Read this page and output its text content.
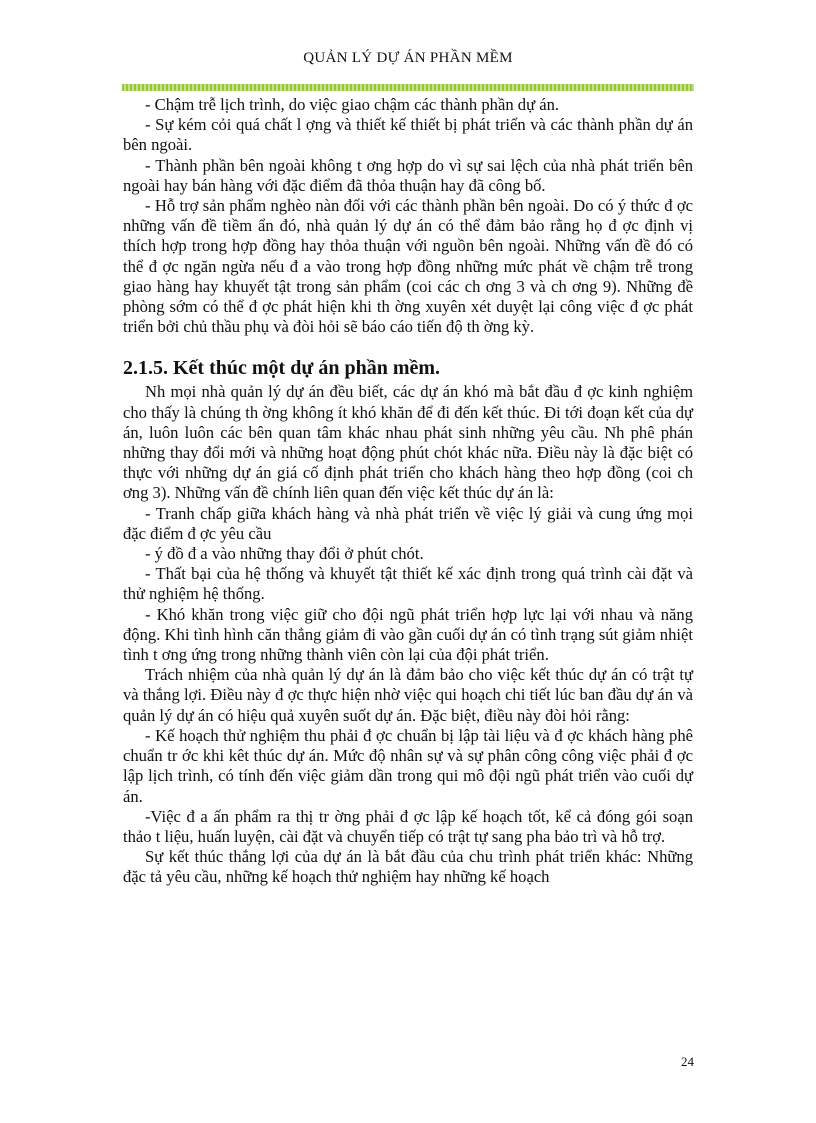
QUẢN LÝ DỰ ÁN PHẦN MỀM

- Chậm trễ lịch trình, do việc giao chậm các thành phần dự án.

- Sự kém cỏi quá chất l ợng và thiết kế thiết bị phát triển và các thành phần dự án bên ngoài.

- Thành phần bên ngoài không t ơng hợp do vì sự sai lệch của nhà phát triển bên ngoài hay bán hàng với đặc điểm đã thỏa thuận hay đã công bố.

- Hỗ trợ sản phẩm nghèo nàn đối với các thành phần bên ngoài. Do có ý thức đ ợc những vấn đề tiềm ẩn đó, nhà quản lý dự án có thể đảm bảo rằng họ đ ợc định vị thích hợp trong hợp đồng hay thỏa thuận với nguồn bên ngoài. Những vấn đề đó có thể đ ợc ngăn ngừa nếu đ a vào trong hợp đồng những mức phát về chậm trễ trong giao hàng hay khuyết tật trong sản phẩm (coi các ch ơng 3 và ch ơng 9). Những đề phòng sớm có thể đ ợc phát hiện khi th ờng xuyên xét duyệt lại công việc đ ợc phát triển bởi chủ thầu phụ và đòi hỏi sẽ báo cáo tiến độ th ờng kỳ.

2.1.5. Kết thúc một dự án phần mềm.

Nh mọi nhà quản lý dự án đều biết, các dự án khó mà bắt đầu đ ợc kinh nghiệm cho thấy là chúng th ờng không ít khó khăn để đi đến kết thúc. Đi tới đoạn kết của dự án, luôn luôn các bên quan tâm khác nhau phát sinh những yêu cầu. Nh phê phán những thay đổi mới và những hoạt động phút chót khác nữa. Điều này là đặc biệt có thực với những dự án giá cố định phát triển cho khách hàng theo hợp đồng (coi ch ơng 3). Những vấn đề chính liên quan đến việc kết thúc dự án là:

- Tranh chấp giữa khách hàng và nhà phát triển về việc lý giải và cung ứng mọi đặc điểm đ ợc yêu cầu

- ý đồ đ a vào những thay đổi ở phút chót.

- Thất bại của hệ thống và khuyết tật thiết kế xác định trong quá trình cài đặt và thử nghiệm hệ thống.

- Khó khăn trong việc giữ cho đội ngũ phát triển hợp lực lại với nhau và năng động. Khi tình hình căn thẳng giảm đi vào gần cuối dự án có tình trạng sút giảm nhiệt tình t ơng ứng trong những thành viên còn lại của đội phát triển.

Trách nhiệm của nhà quản lý dự án là đảm bảo cho việc kết thúc dự án có trật tự và thắng lợi. Điều này đ ợc thực hiện nhờ việc qui hoạch chi tiết lúc ban đầu dự án và quản lý dự án có hiệu quả xuyên suốt dự án. Đặc biệt, điều này đòi hỏi rằng:

- Kế hoạch thử nghiệm thu phải đ ợc chuẩn bị lập tài liệu và đ ợc khách hàng phê chuẩn tr ớc khi kêt thúc dự án. Mức độ nhân sự và sự phân công công việc phải đ ợc lập lịch trình, có tính đến việc giảm dần trong qui mô đội ngũ phát triển vào cuối dự án.

-Việc đ a ấn phẩm ra thị tr ờng phải đ ợc lập kế hoạch tốt, kể cả đóng gói soạn thảo t liệu, huấn luyện, cài đặt và chuyển tiếp có trật tự sang pha bảo trì và hỗ trợ.

Sự kết thúc thắng lợi của dự án là bắt đầu của chu trình phát triển khác: Những đặc tả yêu cầu, những kế hoạch thử nghiệm hay những kế hoạch

24
